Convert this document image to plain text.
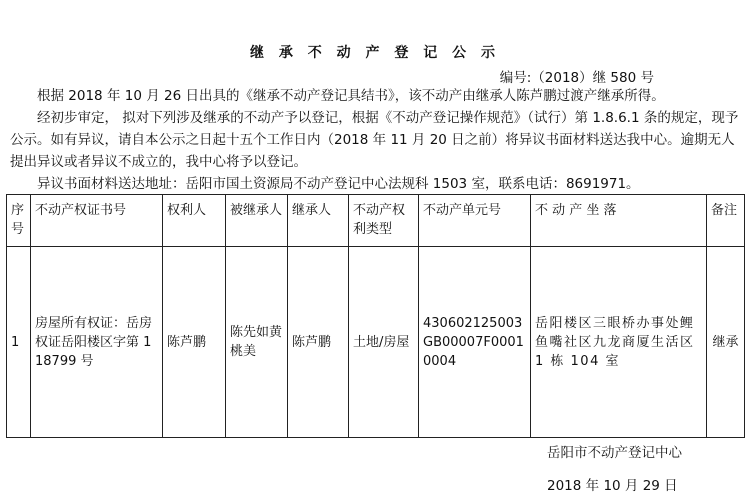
继 承 不 动 产 登 记 公 示
编号:（2018）继 580 号
根据 2018 年 10 月 26 日出具的《继承不动产登记具结书》，该不动产由继承人陈芦鹏过渡产继承所得。
经初步审定， 拟对下列涉及继承的不动产予以登记，根据《不动产登记操作规范》（试行）第 1.8.6.1 条的规定，现予公示。如有异议，请自本公示之日起十五个工作日内（2018 年 11 月 20 日之前）将异议书面材料送达我中心。逾期无人提出异议或者异议不成立的，我中心将予以登记。
异议书面材料送达地址：岳阳市国土资源局不动产登记中心法规科 1503 室，联系电话：8691971。
序号	不动产权证书号	权利人	被继承人	继承人	不动产权利类型	不动产单元号	不 动 产 坐 落	备注
1	房屋所有权证：岳房权证岳阳楼区字第 118799 号	陈芦鹏	陈先如黄桃美	陈芦鹏	土地/房屋	430602125003GB00007F00010004	岳阳楼区三眼桥办事处鲤鱼嘴社区九龙商厦生活区 1 栋 104 室	继承
岳阳市不动产登记中心
2018 年 10 月 29 日
